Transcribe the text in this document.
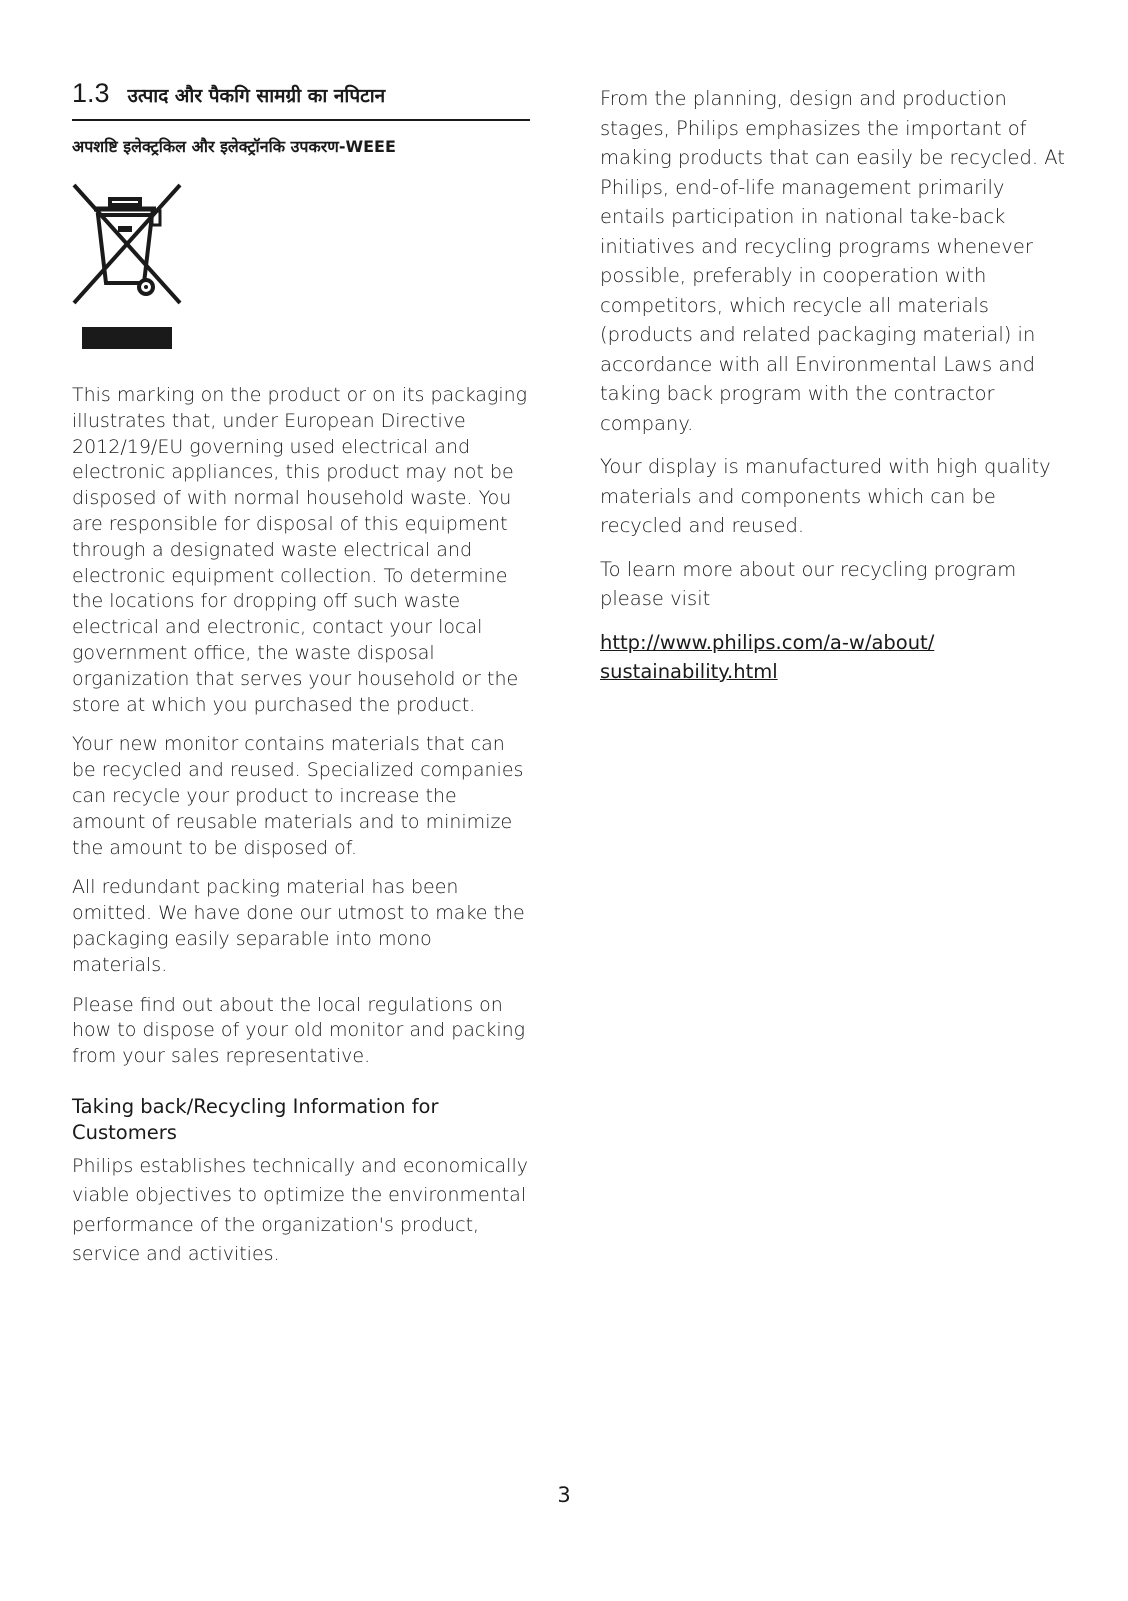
1.3 उत्पाद और पैकगि सामग्री का नपिटान
अपशष्टि इलेक्ट्रकिल और इलेक्ट्रॉनकि उपकरण-WEEE

This marking on the product or on its packaging illustrates that, under European Directive 2012/19/EU governing used electrical and electronic appliances, this product may not be disposed of with normal household waste. You are responsible for disposal of this equipment through a designated waste electrical and electronic equipment collection. To determine the locations for dropping off such waste electrical and electronic, contact your local government office, the waste disposal organization that serves your household or the store at which you purchased the product.

Your new monitor contains materials that can be recycled and reused. Specialized companies can recycle your product to increase the amount of reusable materials and to minimize the amount to be disposed of.

All redundant packing material has been omitted. We have done our utmost to make the packaging easily separable into mono materials.

Please find out about the local regulations on how to dispose of your old monitor and packing from your sales representative.

Taking back/Recycling Information for Customers

Philips establishes technically and economically viable objectives to optimize the environmental performance of the organization's product, service and activities.

From the planning, design and production stages, Philips emphasizes the important of making products that can easily be recycled. At Philips, end-of-life management primarily entails participation in national take-back initiatives and recycling programs whenever possible, preferably in cooperation with competitors, which recycle all materials (products and related packaging material) in accordance with all Environmental Laws and taking back program with the contractor company.

Your display is manufactured with high quality materials and components which can be recycled and reused.

To learn more about our recycling program please visit

http://www.philips.com/a-w/about/
sustainability.html
3
